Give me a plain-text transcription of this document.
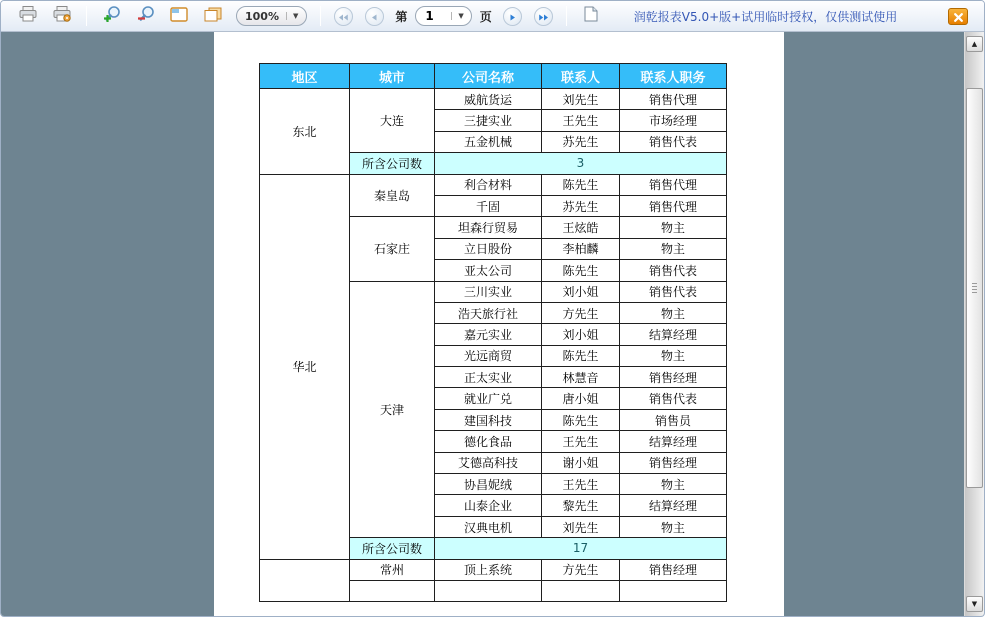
100%	▼	第
1	▼ 页	润乾报表V5.0+版+试用临时授权，仅供测试使用
地区	城市	公司名称	联系人	联系人职务
东北	大连	威航货运	刘先生	销售代理
		三捷实业	王先生	市场经理
		五金机械	苏先生	销售代表
	所含公司数	3		
华北	秦皇岛	利合材料	陈先生	销售代理
		千固	苏先生	销售代理
	石家庄	坦森行贸易	王炫皓	物主
		立日股份	李柏麟	物主
		亚太公司	陈先生	销售代表
	天津	三川实业	刘小姐	销售代表
		浩天旅行社	方先生	物主
		嘉元实业	刘小姐	结算经理
		光远商贸	陈先生	物主
		正太实业	林慧音	销售经理
		就业广兑	唐小姐	销售代表
		建国科技	陈先生	销售员
		德化食品	王先生	结算经理
		艾德高科技	谢小姐	销售经理
		协昌妮绒	王先生	物主
		山泰企业	黎先生	结算经理
		汉典电机	刘先生	物主
	所含公司数	17		
	常州	顶上系统	方先生	销售经理

▲
▼
